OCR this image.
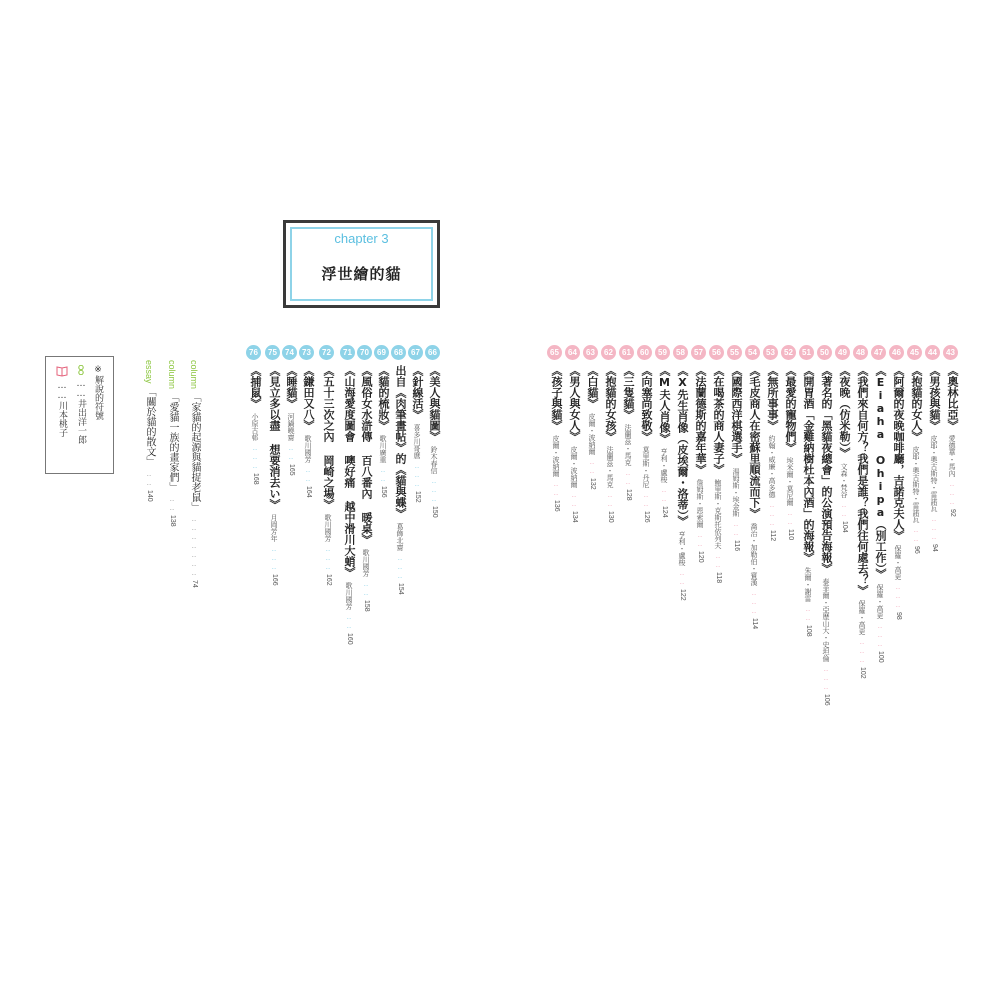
chapter 3
浮世繪的貓
66
《美人與貓圖》鈴木春信‥‥‥150
67
《針線活》喜多川哥麿‥‥‥152
68
出自《肉筆畫帖》的《貓與蝶》葛飾北齋‥‥‥154
69
《貓的梳妝》歌川廣重‥‥156
70
《風俗女水滸傳 百八番內 暖桌》歌川國芳‥‥158
71
《山海愛度圖會 噢好痛 越中滑川大蛸》歌川國芳‥‥160
72
《五十三次之內 岡崎之場》歌川國芳‥‥‥162
73
《鎌田又八》歌川國芳‥‥164
74
《睡貓》河鍋曉齋‥‥165
75
《見立多以盡 想要消去い》月岡芳年‥‥‥166
76
《捕鼠》小原古邨‥‥‥168
column「家貓的起源與貓捉老鼠」‥‥‥‥‥‥‥74
column「愛貓一族的畫家們」‥‥138
essay「關於貓的散文」‥‥140
※解說的符號
……井出洋一郎
……川本桃子
43
《奧林比亞》愛德華・馬內‥‥‥92
44
《男孩與貓》皮耶・奧古斯特・雷諾瓦‥‥‥94
45
《抱貓的女人》皮耶・奧古斯特・雷諾瓦‥‥96
46
《阿爾的夜晚咖啡廳，吉諾克夫人》保羅・高更‥‥‥98
47
《Eiaha Ohipa（別工作）》保羅・高更‥‥‥100
48
《我們來自何方？我們是誰？我們往何處去？》保羅・高更‥‥‥102
49
《夜晚（仿米勒）》文森・梵谷‥‥104
50
《著名的「黑貓夜總會」的公演預告海報》泰菲爾・亞歷山大・史坦倫‥‥‥106
51
《開胃酒「金雞納樹杜本內酒」的海報》朱爾・謝雷‥‥108
52
《最愛的寵物們》埃米爾・莫尼爾‥‥110
53
《無所事事》約翰・威廉・高多德‥‥‥112
54
《毛皮商人在密蘇里順流而下》喬治・加勒伯・賓漢‥‥‥114
55
《國際西洋棋選手》湯姆斯・埃金斯‥‥116
56
《在喝茶的商人妻子》鮑里斯・克斯托依列夫‥‥118
57
《法蘭德斯的嘉年華》詹姆斯・恩索爾‥‥120
58
《X先生肖像（皮埃爾・洛蒂）》亨利・盧梭‥‥122
59
《M夫人肖像》亨利・盧梭‥‥124
60
《向塞尚致敬》莫里斯・丹尼‥‥126
61
《三隻貓》法蘭茲・馬克‥‥128
62
《抱貓的女孩》法蘭茲・馬克‥‥130
63
《白貓》皮爾・波納爾‥‥132
64
《男人與女人》皮爾・波納爾‥‥134
65
《孩子與貓》皮爾・波納爾‥‥136
